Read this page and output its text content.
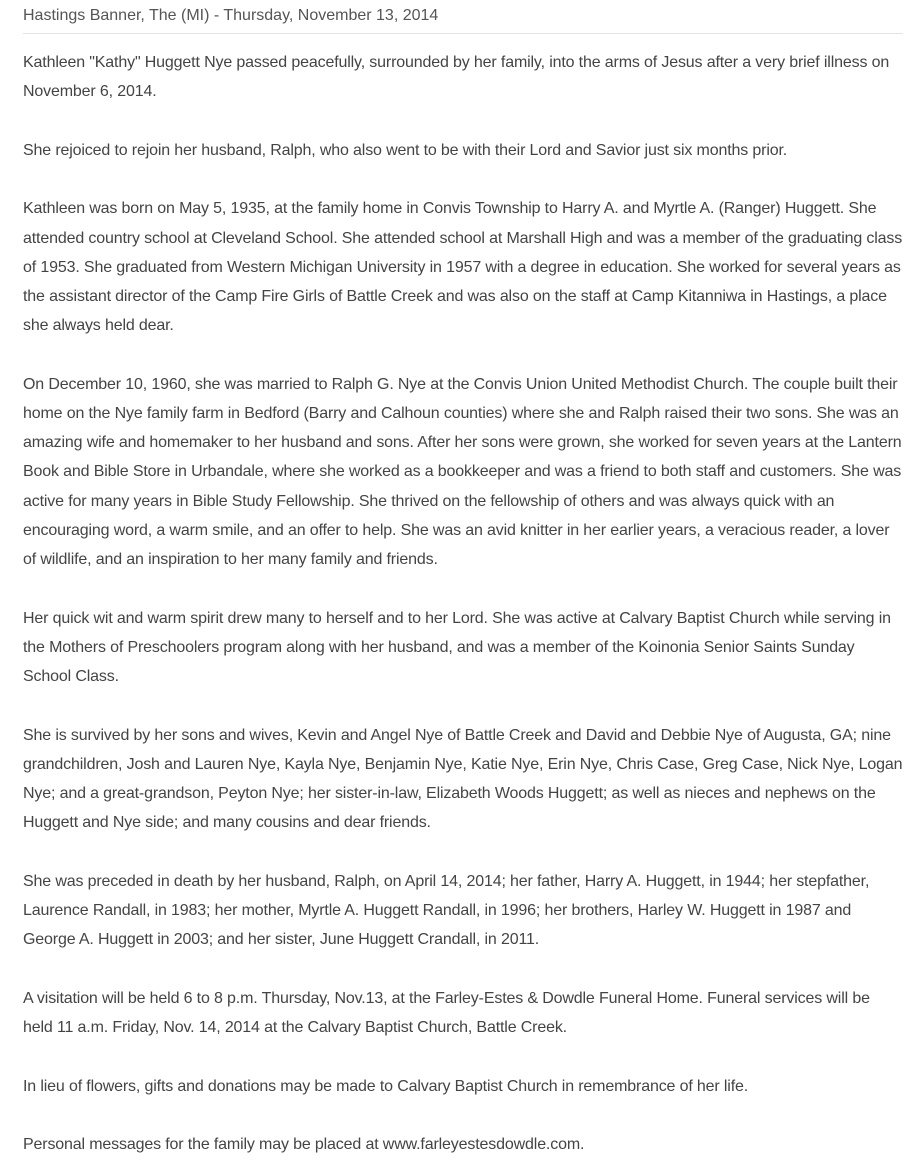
Hastings Banner, The (MI) - Thursday, November 13, 2014

Kathleen "Kathy" Huggett Nye passed peacefully, surrounded by her family, into the arms of Jesus after a very brief illness on November 6, 2014.

She rejoiced to rejoin her husband, Ralph, who also went to be with their Lord and Savior just six months prior.

Kathleen was born on May 5, 1935, at the family home in Convis Township to Harry A. and Myrtle A. (Ranger) Huggett. She attended country school at Cleveland School. She attended school at Marshall High and was a member of the graduating class of 1953. She graduated from Western Michigan University in 1957 with a degree in education. She worked for several years as the assistant director of the Camp Fire Girls of Battle Creek and was also on the staff at Camp Kitanniwa in Hastings, a place she always held dear.

On December 10, 1960, she was married to Ralph G. Nye at the Convis Union United Methodist Church. The couple built their home on the Nye family farm in Bedford (Barry and Calhoun counties) where she and Ralph raised their two sons. She was an amazing wife and homemaker to her husband and sons. After her sons were grown, she worked for seven years at the Lantern Book and Bible Store in Urbandale, where she worked as a bookkeeper and was a friend to both staff and customers. She was active for many years in Bible Study Fellowship. She thrived on the fellowship of others and was always quick with an encouraging word, a warm smile, and an offer to help. She was an avid knitter in her earlier years, a veracious reader, a lover of wildlife, and an inspiration to her many family and friends.

Her quick wit and warm spirit drew many to herself and to her Lord. She was active at Calvary Baptist Church while serving in the Mothers of Preschoolers program along with her husband, and was a member of the Koinonia Senior Saints Sunday School Class.

She is survived by her sons and wives, Kevin and Angel Nye of Battle Creek and David and Debbie Nye of Augusta, GA; nine grandchildren, Josh and Lauren Nye, Kayla Nye, Benjamin Nye, Katie Nye, Erin Nye, Chris Case, Greg Case, Nick Nye, Logan Nye; and a great-grandson, Peyton Nye; her sister-in-law, Elizabeth Woods Huggett; as well as nieces and nephews on the Huggett and Nye side; and many cousins and dear friends.

She was preceded in death by her husband, Ralph, on April 14, 2014; her father, Harry A. Huggett, in 1944; her stepfather, Laurence Randall, in 1983; her mother, Myrtle A. Huggett Randall, in 1996; her brothers, Harley W. Huggett in 1987 and George A. Huggett in 2003; and her sister, June Huggett Crandall, in 2011.

A visitation will be held 6 to 8 p.m. Thursday, Nov.13, at the Farley-Estes & Dowdle Funeral Home. Funeral services will be held 11 a.m. Friday, Nov. 14, 2014 at the Calvary Baptist Church, Battle Creek.

In lieu of flowers, gifts and donations may be made to Calvary Baptist Church in remembrance of her life.

Personal messages for the family may be placed at www.farleyestesdowdle.com.
